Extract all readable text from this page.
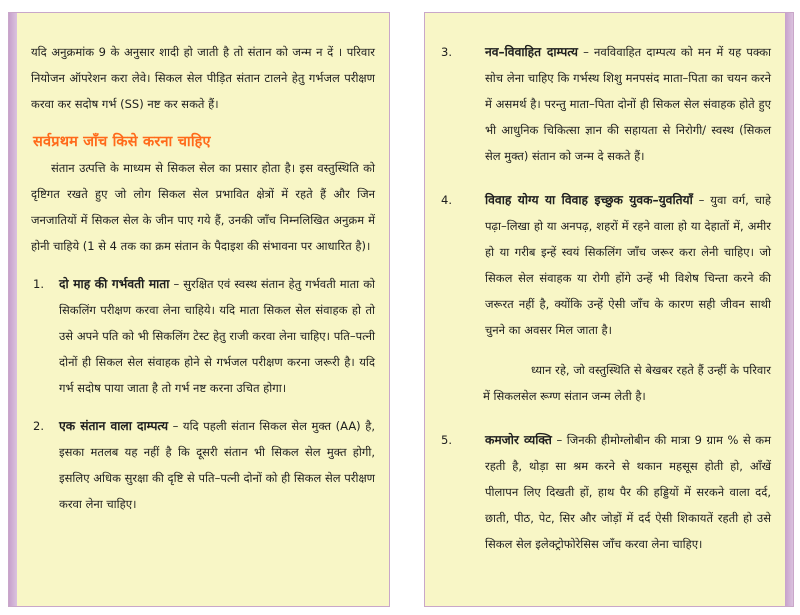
यदि अनुक्रमांक 9 के अनुसार शादी हो जाती है तो संतान को जन्म न दें । परिवार नियोजन ऑपरेशन करा लेवे। सिकल सेल पीड़ित संतान टालने हेतु गर्भजल परीक्षण करवा कर सदोष गर्भ (SS) नष्ट कर सकते हैं।

सर्वप्रथम जाँच किसे करना चाहिए

संतान उत्पत्ति के माध्यम से सिकल सेल का प्रसार होता है। इस वस्तुस्थिति को दृष्टिगत रखते हुए जो लोग सिकल सेल प्रभावित क्षेत्रों में रहते हैं और जिन जनजातियों में सिकल सेल के जीन पाए गये हैं, उनकी जाँच निम्नलिखित अनुक्रम में होनी चाहिये (1 से 4 तक का क्रम संतान के पैदाइश की संभावना पर आधारित है)।

1.	दो माह की गर्भवती माता – सुरक्षित एवं स्वस्थ संतान हेतु गर्भवती माता को सिकलिंग परीक्षण करवा लेना चाहिये। यदि माता सिकल सेल संवाहक हो तो उसे अपने पति को भी सिकलिंग टेस्ट हेतु राजी करवा लेना चाहिए। पति–पत्नी दोनों ही सिकल सेल संवाहक होने से गर्भजल परीक्षण करना जरूरी है। यदि गर्भ सदोष पाया जाता है तो गर्भ नष्ट करना उचित होगा।

2.	एक संतान वाला दाम्पत्य – यदि पहली संतान सिकल सेल मुक्त (AA) है, इसका मतलब यह नहीं है कि दूसरी संतान भी सिकल सेल मुक्त होगी, इसलिए अधिक सुरक्षा की दृष्टि से पति–पत्नी दोनों को ही सिकल सेल परीक्षण करवा लेना चाहिए।

3.	नव–विवाहित दाम्पत्य – नवविवाहित दाम्पत्य को मन में यह पक्का सोच लेना चाहिए कि गर्भस्थ शिशु मनपसंद माता–पिता का चयन करने में असमर्थ है। परन्तु माता–पिता दोनों ही सिकल सेल संवाहक होते हुए भी आधुनिक चिकित्सा ज्ञान की सहायता से निरोगी/ स्वस्थ (सिकल सेल मुक्त) संतान को जन्म दे सकते हैं।

4.	विवाह योग्य या विवाह इच्छुक युवक–युवतियाँ – युवा वर्ग, चाहे पढ़ा–लिखा हो या अनपढ़, शहरों में रहने वाला हो या देहातों में, अमीर हो या गरीब इन्हें स्वयं सिकलिंग जाँच जरूर करा लेनी चाहिए। जो सिकल सेल संवाहक या रोगी होंगे उन्हें भी विशेष चिन्ता करने की जरूरत नहीं है, क्योंकि उन्हें ऐसी जाँच के कारण सही जीवन साथी चुनने का अवसर मिल जाता है।

ध्यान रहे, जो वस्तुस्थिति से बेखबर रहते हैं उन्हीं के परिवार में सिकलसेल रूग्ण संतान जन्म लेती है।

5.	कमजोर व्यक्ति – जिनकी हीमोग्लोबीन की मात्रा 9 ग्राम % से कम रहती है, थोड़ा सा श्रम करने से थकान महसूस होती हो, आँखें पीलापन लिए दिखती हों, हाथ पैर की हड्डियों में सरकने वाला दर्द, छाती, पीठ, पेट, सिर और जोड़ों में दर्द ऐसी शिकायतें रहती हो उसे सिकल सेल इलेक्ट्रोफोरेसिस जाँच करवा लेना चाहिए।
